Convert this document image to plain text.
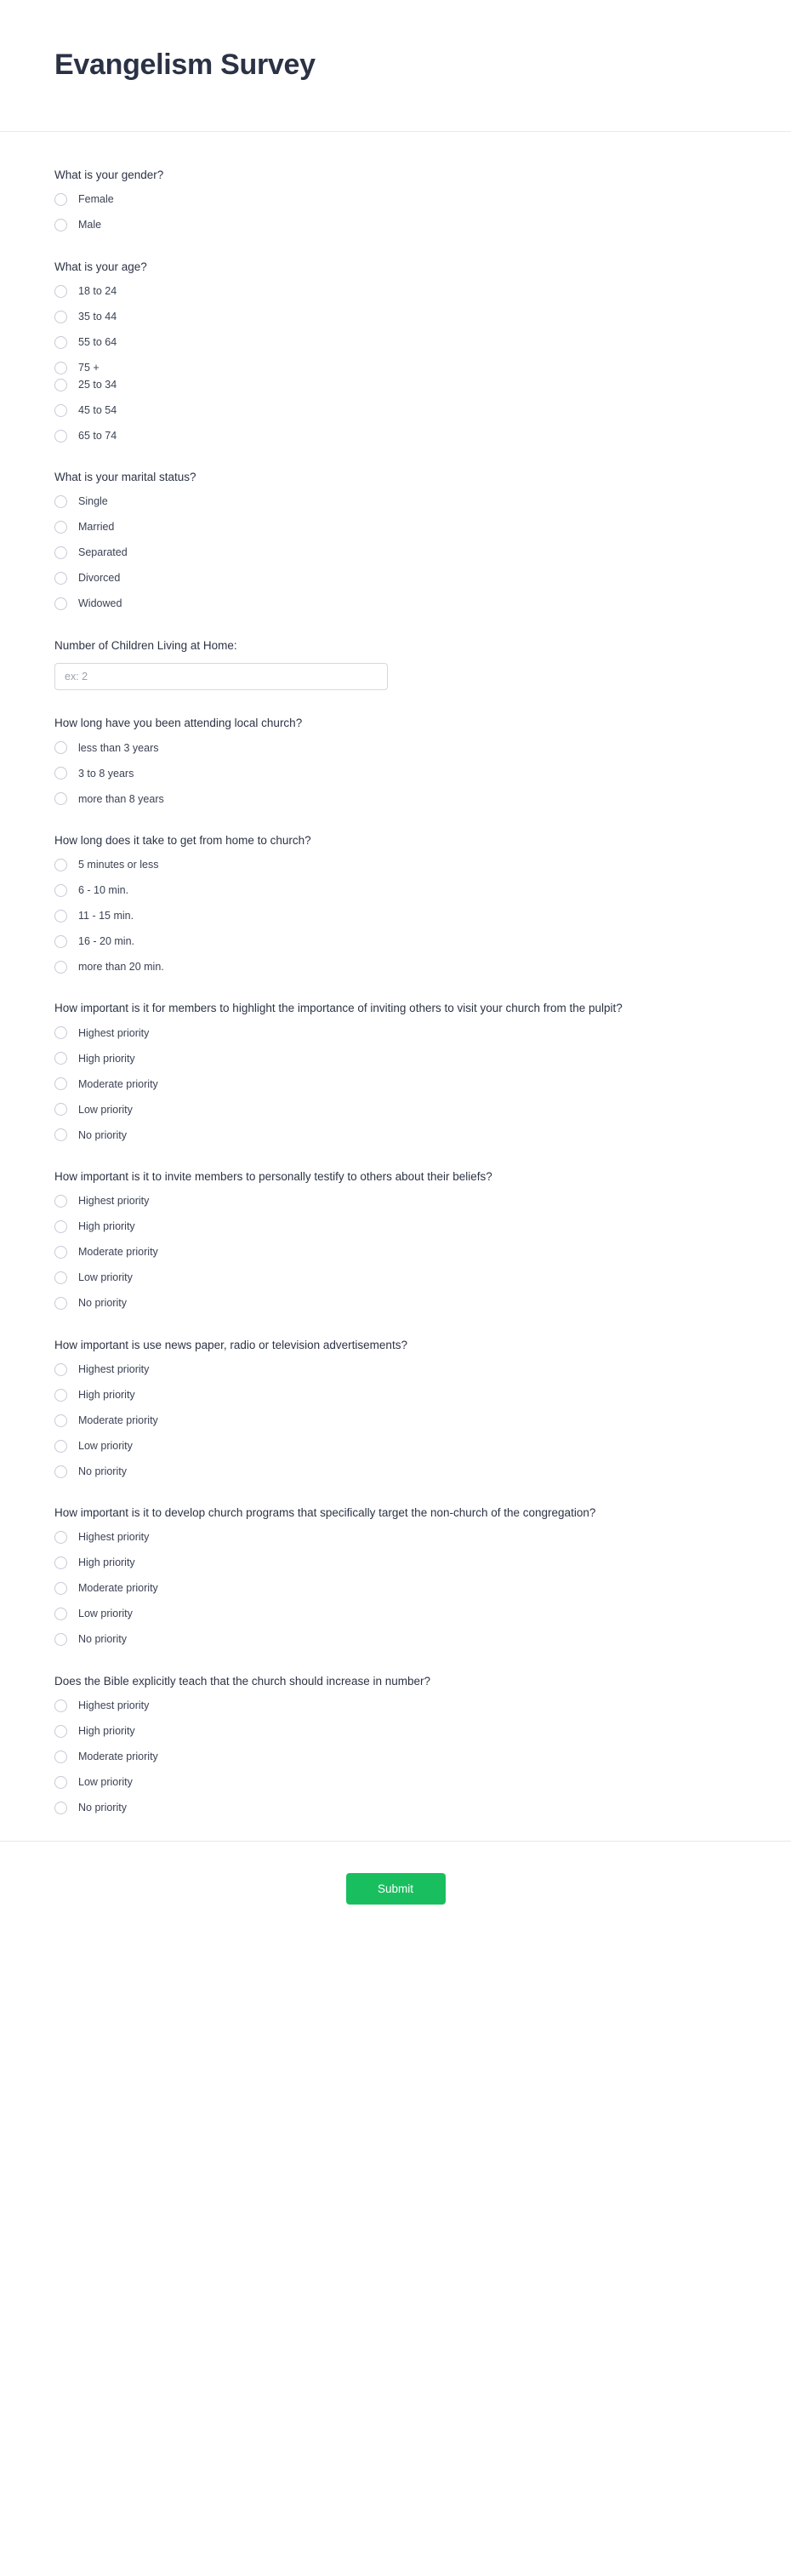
Evangelism Survey
What is your gender?
Female
Male
What is your age?
18 to 24
35 to 44
55 to 64
75 +
25 to 34
45 to 54
65 to 74
What is your marital status?
Single
Married
Separated
Divorced
Widowed
Number of Children Living at Home:
ex: 2
How long have you been attending local church?
less than 3 years
3 to 8 years
more than 8 years
How long does it take to get from home to church?
5 minutes or less
6 - 10 min.
11 - 15 min.
16 - 20 min.
more than 20 min.
How important is it for members to highlight the importance of inviting others to visit your church from the pulpit?
Highest priority
High priority
Moderate priority
Low priority
No priority
How important is it to invite members to personally testify to others about their beliefs?
Highest priority
High priority
Moderate priority
Low priority
No priority
How important is use news paper, radio or television advertisements?
Highest priority
High priority
Moderate priority
Low priority
No priority
How important is it to develop church programs that specifically target the non-church of the congregation?
Highest priority
High priority
Moderate priority
Low priority
No priority
Does the Bible explicitly teach that the church should increase in number?
Highest priority
High priority
Moderate priority
Low priority
No priority
Submit
